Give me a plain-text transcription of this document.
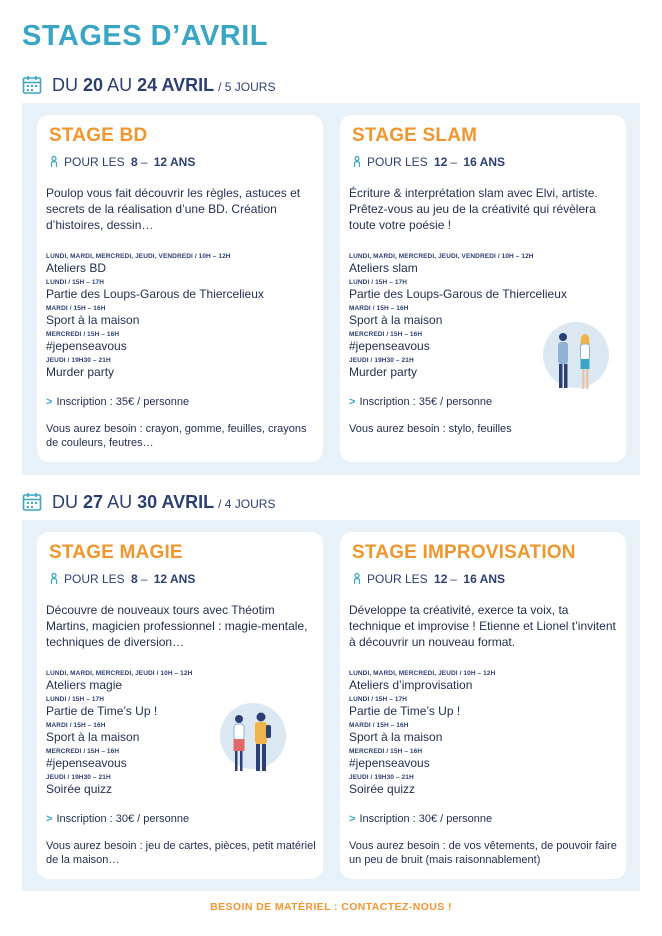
STAGES D’AVRIL
DU 20 AU 24 AVRIL / 5 JOURS
STAGE BD
POUR LES
8 –
12 ANS
Poulop vous fait découvrir les règles, astuces et secrets de la réalisation d’une BD. Création d’histoires, dessin…
LUNDI, MARDI, MERCREDI, JEUDI, VENDREDI / 10H – 12H
Ateliers BD
LUNDI / 15H – 17H
Partie des Loups-Garous de Thiercelieux
MARDI / 15H – 16H
Sport à la maison
MERCREDI / 15H – 16H
#jepenseavous
JEUDI / 19H30 – 21H
Murder party
> Inscription : 35€ / personne
Vous aurez besoin : crayon, gomme, feuilles, crayons de couleurs, feutres…
STAGE SLAM
POUR LES
12 –
16 ANS
Écriture & interprétation slam avec Elvi, artiste. Prêtez-vous au jeu de la créativité qui révèlera toute votre poésie !
LUNDI, MARDI, MERCREDI, JEUDI, VENDREDI / 10H – 12H
Ateliers slam
LUNDI / 15H – 17H
Partie des Loups-Garous de Thiercelieux
MARDI / 15H – 16H
Sport à la maison
MERCREDI / 15H – 16H
#jepenseavous
JEUDI / 19H30 – 21H
Murder party
> Inscription : 35€ / personne
Vous aurez besoin : stylo, feuilles
DU 27 AU 30 AVRIL / 4 JOURS
STAGE MAGIE
POUR LES
8 –
12 ANS
Découvre de nouveaux tours avec Théotim Martins, magicien professionnel : magie-mentale, techniques de diversion…
LUNDI, MARDI, MERCREDI, JEUDI / 10H – 12H
Ateliers magie
LUNDI / 15H – 17H
Partie de Time’s Up !
MARDI / 15H – 16H
Sport à la maison
MERCREDI / 15H – 16H
#jepenseavous
JEUDI / 19H30 – 21H
Soirée quizz
> Inscription : 30€ / personne
Vous aurez besoin : jeu de cartes, pièces, petit matériel de la maison…
STAGE IMPROVISATION
POUR LES
12 –
16 ANS
Développe ta créativité, exerce ta voix, ta technique et improvise ! Etienne et Lionel t’invitent à découvrir un nouveau format.
LUNDI, MARDI, MERCREDI, JEUDI / 10H – 12H
Ateliers d’improvisation
LUNDI / 15H – 17H
Partie de Time’s Up !
MARDI / 15H – 16H
Sport à la maison
MERCREDI / 15H – 16H
#jepenseavous
JEUDI / 19H30 – 21H
Soirée quizz
> Inscription : 30€ / personne
Vous aurez besoin : de vos vêtements, de pouvoir faire un peu de bruit (mais raisonnablement)
BESOIN DE MATÉRIEL : CONTACTEZ-NOUS !
